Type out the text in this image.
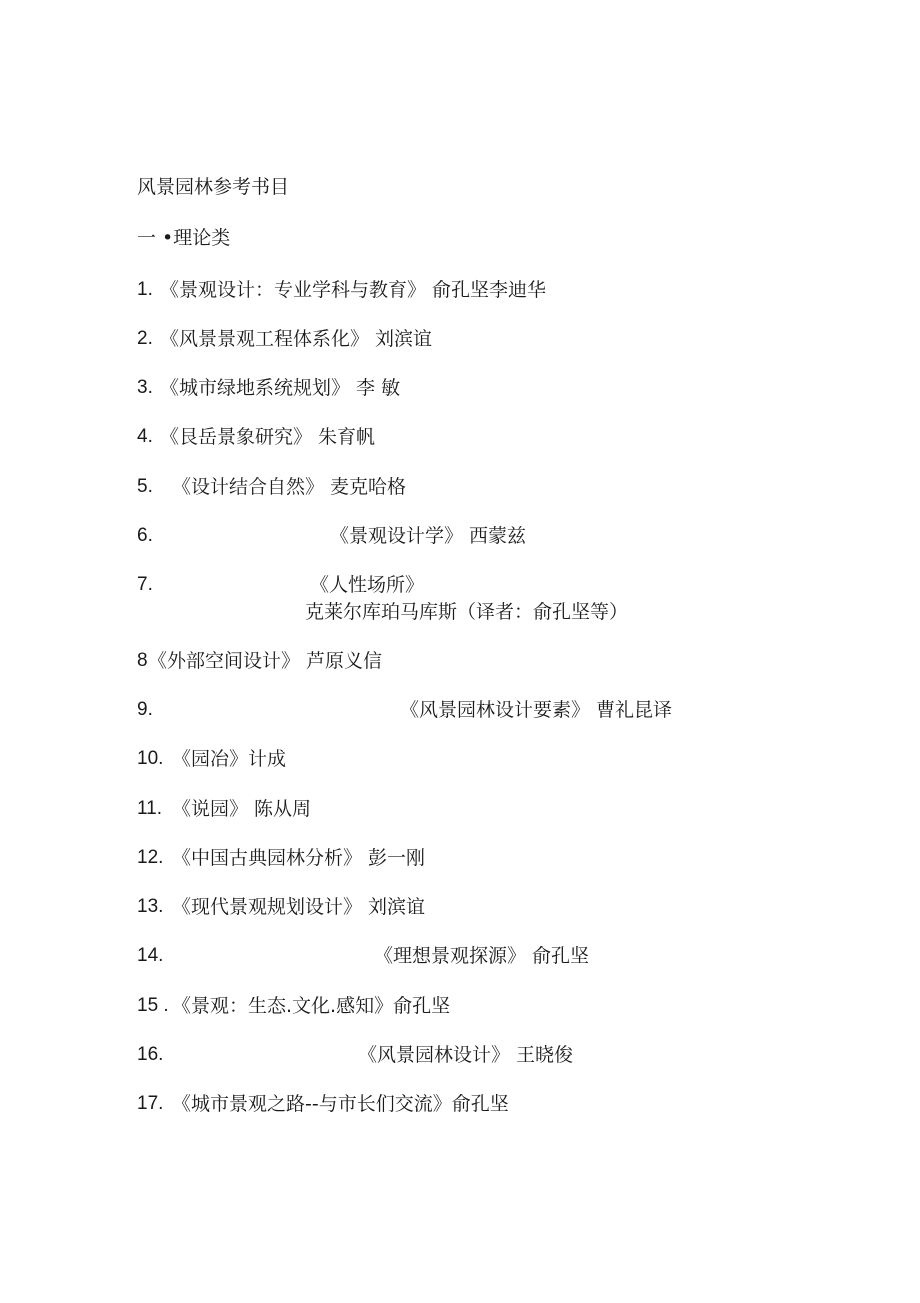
风景园林参考书目
一 •理论类
1. 《景观设计：专业学科与教育》 俞孔坚李迪华
2. 《风景景观工程体系化》 刘滨谊
3. 《城市绿地系统规划》 李 敏
4. 《艮岳景象研究》 朱育帆
5. 《设计结合自然》 麦克哈格
6.	《景观设计学》 西蒙兹
7.	《人性场所》
克莱尔库珀马库斯（译者：俞孔坚等）
8 《外部空间设计》 芦原义信
9.	《风景园林设计要素》 曹礼昆译
10. 《园冶》计成
11. 《说园》 陈从周
12. 《中国古典园林分析》 彭一刚
13. 《现代景观规划设计》 刘滨谊
14.	《理想景观探源》 俞孔坚
15 . 《景观：生态.文化.感知》俞孔坚
16.	《风景园林设计》 王晓俊
17. 《城市景观之路--与市长们交流》俞孔坚
